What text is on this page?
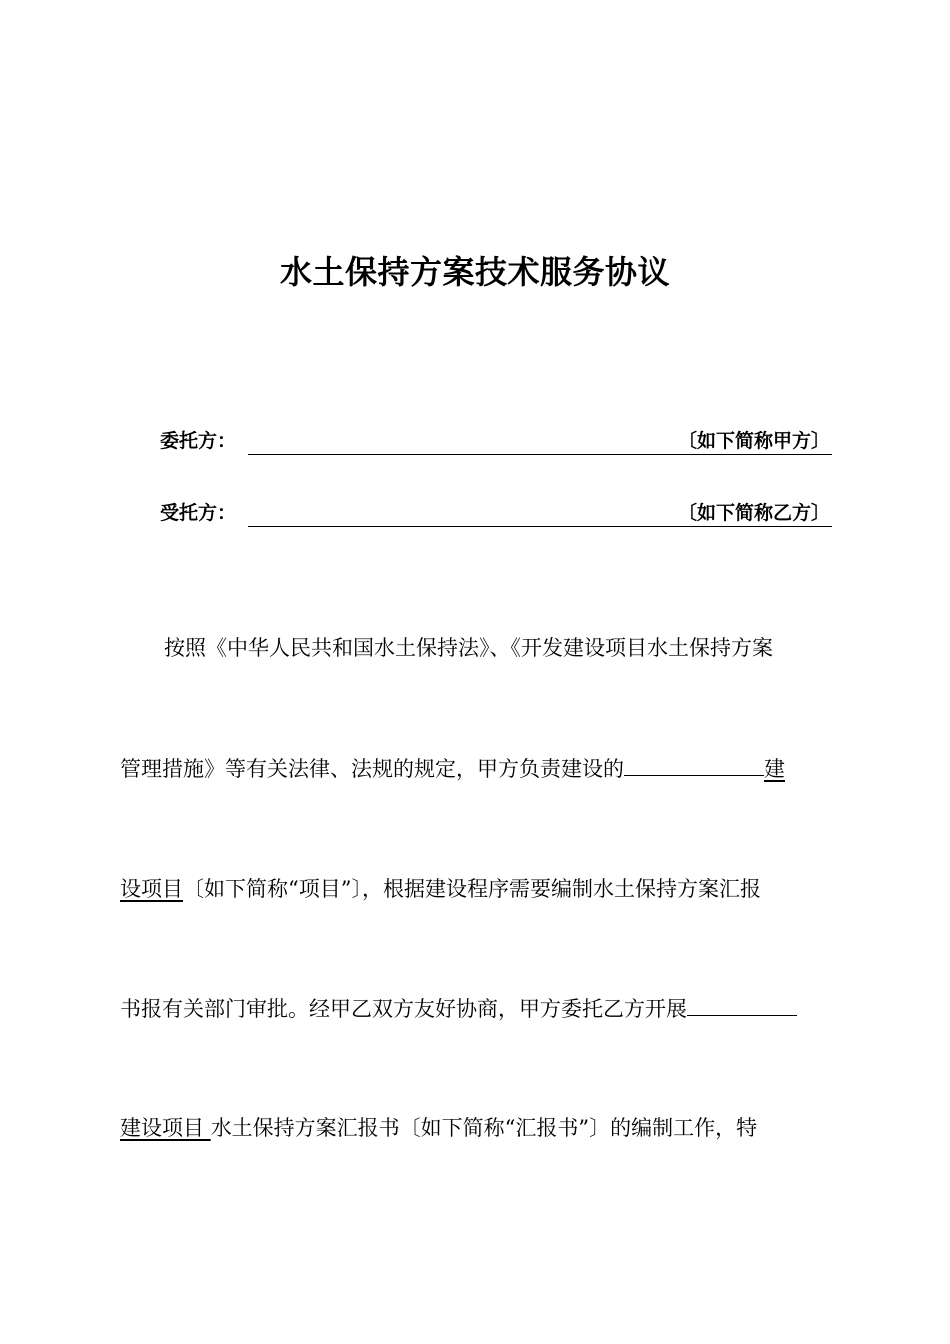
水土保持方案技术服务协议
委托方：	〔如下简称甲方〕
受托方：	〔如下简称乙方〕
按照《中华人民共和国水土保持法》、《开发建设项目水土保持方案
管理措施》等有关法律、法规的规定，甲方负责建设的	建
设项目〔如下简称“项目”〕，根据建设程序需要编制水土保持方案汇报
书报有关部门审批。经甲乙双方友好协商，甲方委托乙方开展
建设项目 水土保持方案汇报书〔如下简称“汇报书”〕的编制工作，特
